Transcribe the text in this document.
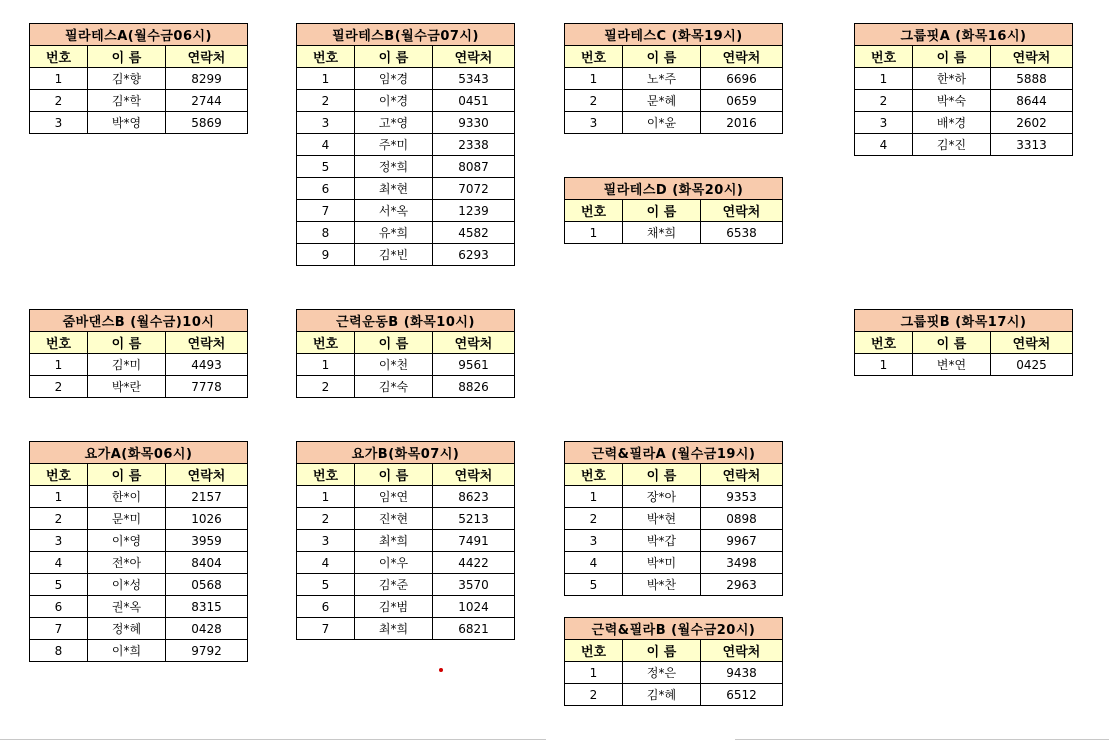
필라테스A(월수금06시)		
번호	이 름	연락처
1	김*향	8299
2	김*학	2744
3	박*영	5869
필라테스B(월수금07시)		
번호	이 름	연락처
1	임*경	5343
2	이*경	0451
3	고*영	9330
4	주*미	2338
5	정*희	8087
6	최*현	7072
7	서*옥	1239
8	유*희	4582
9	김*빈	6293
필라테스C (화목19시)		
번호	이 름	연락처
1	노*주	6696
2	문*혜	0659
3	이*윤	2016
그룹핏A (화목16시)		
번호	이 름	연락처
1	한*하	5888
2	박*숙	8644
3	배*경	2602
4	김*진	3313
필라테스D (화목20시)		
번호	이 름	연락처
1	채*희	6538
줌바댄스B (월수금)10시		
번호	이 름	연락처
1	김*미	4493
2	박*란	7778
근력운동B (화목10시)		
번호	이 름	연락처
1	이*천	9561
2	김*숙	8826
그룹핏B (화목17시)		
번호	이 름	연락처
1	변*연	0425
요가A(화목06시)		
번호	이 름	연락처
1	한*이	2157
2	문*미	1026
3	이*영	3959
4	전*아	8404
5	이*성	0568
6	권*옥	8315
7	정*혜	0428
8	이*희	9792
요가B(화목07시)		
번호	이 름	연락처
1	임*연	8623
2	진*현	5213
3	최*희	7491
4	이*우	4422
5	김*준	3570
6	김*범	1024
7	최*희	6821
근력&필라A (월수금19시)		
번호	이 름	연락처
1	장*아	9353
2	박*현	0898
3	박*갑	9967
4	박*미	3498
5	박*찬	2963
근력&필라B (월수금20시)		
번호	이 름	연락처
1	정*은	9438
2	김*혜	6512
